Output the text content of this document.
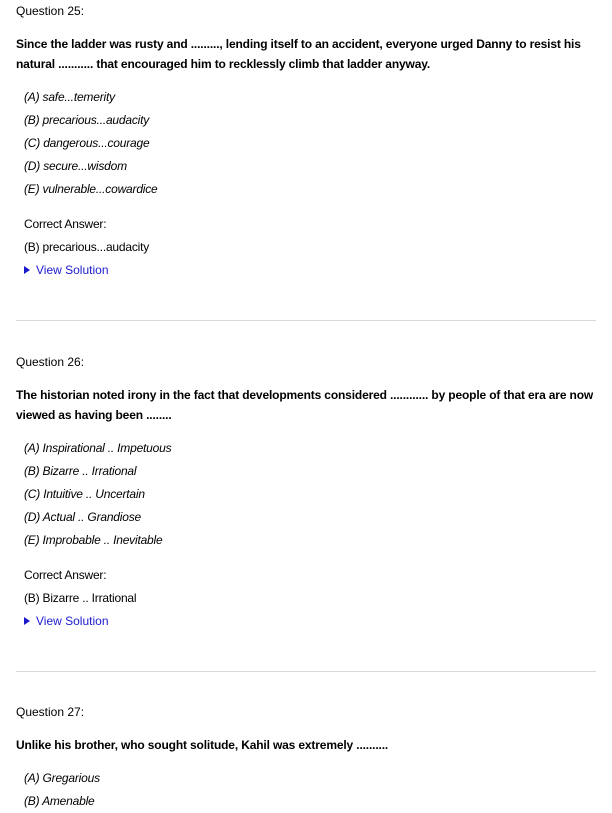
Question 25:
Since the ladder was rusty and ........., lending itself to an accident, everyone urged Danny to resist his natural ........... that encouraged him to recklessly climb that ladder anyway.
(A) safe...temerity
(B) precarious...audacity
(C) dangerous...courage
(D) secure...wisdom
(E) vulnerable...cowardice
Correct Answer:
(B) precarious...audacity
View Solution
Question 26:
The historian noted irony in the fact that developments considered ............ by people of that era are now viewed as having been ........
(A) Inspirational .. Impetuous
(B) Bizarre .. Irrational
(C) Intuitive .. Uncertain
(D) Actual .. Grandiose
(E) Improbable .. Inevitable
Correct Answer:
(B) Bizarre .. Irrational
View Solution
Question 27:
Unlike his brother, who sought solitude, Kahil was extremely ..........
(A) Gregarious
(B) Amenable
